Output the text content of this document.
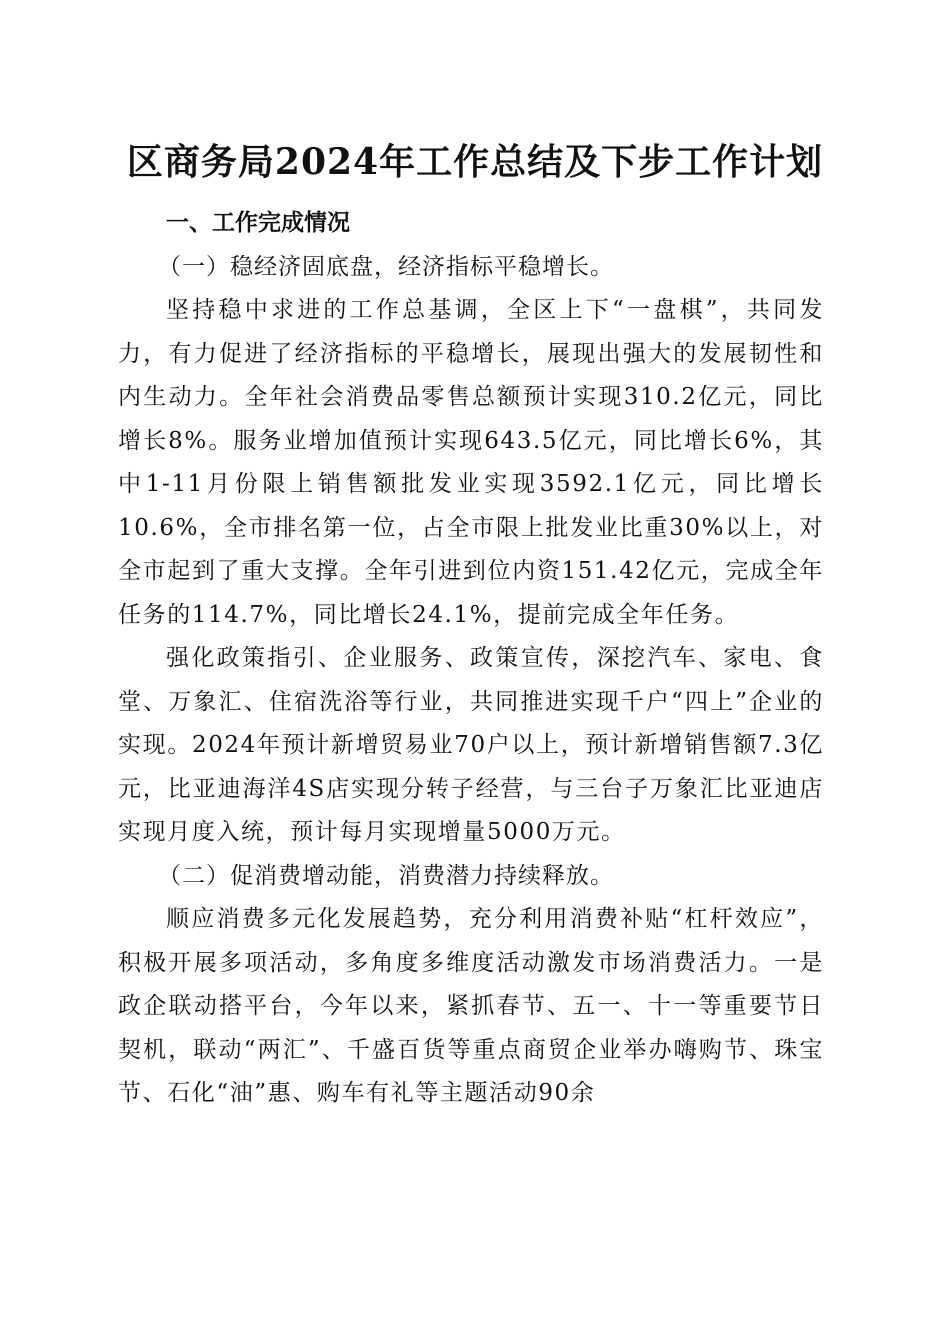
区商务局2024年工作总结及下步工作计划

一、工作完成情况

（一）稳经济固底盘，经济指标平稳增长。

坚持稳中求进的工作总基调，全区上下“一盘棋”，共同发力，有力促进了经济指标的平稳增长，展现出强大的发展韧性和内生动力。全年社会消费品零售总额预计实现310.2亿元，同比增长8%。服务业增加值预计实现643.5亿元，同比增长6%，其中1-11月份限上销售额批发业实现3592.1亿元，同比增长10.6%，全市排名第一位，占全市限上批发业比重30%以上，对全市起到了重大支撑。全年引进到位内资151.42亿元，完成全年任务的114.7%，同比增长24.1%，提前完成全年任务。

强化政策指引、企业服务、政策宣传，深挖汽车、家电、食堂、万象汇、住宿洗浴等行业，共同推进实现千户“四上”企业的实现。2024年预计新增贸易业70户以上，预计新增销售额7.3亿元，比亚迪海洋4S店实现分转子经营，与三台子万象汇比亚迪店实现月度入统，预计每月实现增量5000万元。

（二）促消费增动能，消费潜力持续释放。

顺应消费多元化发展趋势，充分利用消费补贴“杠杆效应”，积极开展多项活动，多角度多维度活动激发市场消费活力。一是政企联动搭平台，今年以来，紧抓春节、五一、十一等重要节日契机，联动“两汇”、千盛百货等重点商贸企业举办嗨购节、珠宝节、石化“油”惠、购车有礼等主题活动90余
